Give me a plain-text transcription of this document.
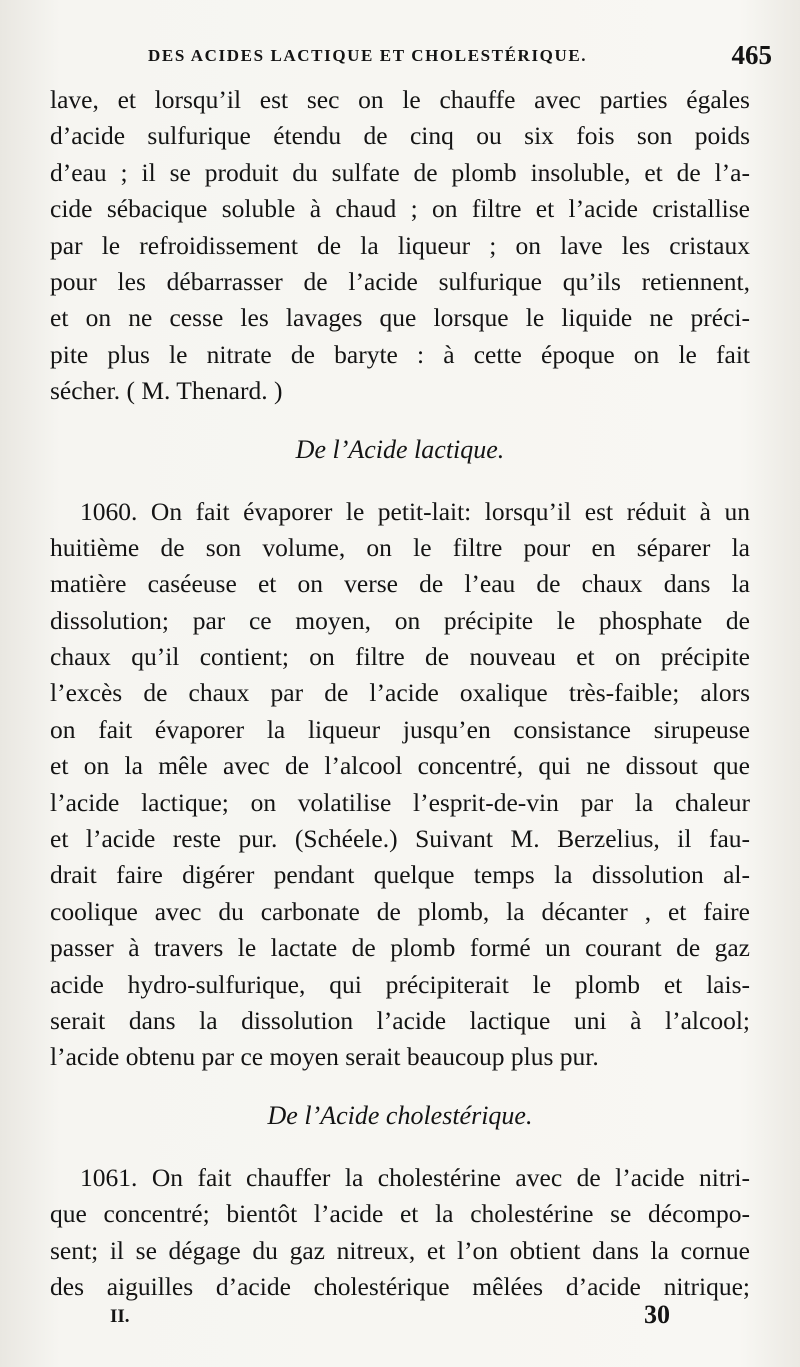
DES ACIDES LACTIQUE ET CHOLESTÉRIQUE.	465
lave, et lorsqu’il est sec on le chauffe avec parties égales
d’acide sulfurique étendu de cinq ou six fois son poids
d’eau ; il se produit du sulfate de plomb insoluble, et de l’a-
cide sébacique soluble à chaud ; on filtre et l’acide cristallise
par le refroidissement de la liqueur ; on lave les cristaux
pour les débarrasser de l’acide sulfurique qu’ils retiennent,
et on ne cesse les lavages que lorsque le liquide ne préci-
pite plus le nitrate de baryte : à cette époque on le fait
sécher. ( M. Thenard. )
De l’Acide lactique.
1060. On fait évaporer le petit-lait: lorsqu’il est réduit à un
huitième de son volume, on le filtre pour en séparer la
matière caséeuse et on verse de l’eau de chaux dans la
dissolution; par ce moyen, on précipite le phosphate de
chaux qu’il contient; on filtre de nouveau et on précipite
l’excès de chaux par de l’acide oxalique très-faible; alors
on fait évaporer la liqueur jusqu’en consistance sirupeuse
et on la mêle avec de l’alcool concentré, qui ne dissout que
l’acide lactique; on volatilise l’esprit-de-vin par la chaleur
et l’acide reste pur. (Schéele.) Suivant M. Berzelius, il fau-
drait faire digérer pendant quelque temps la dissolution al-
coolique avec du carbonate de plomb, la décanter , et faire
passer à travers le lactate de plomb formé un courant de gaz
acide hydro-sulfurique, qui précipiterait le plomb et lais-
serait dans la dissolution l’acide lactique uni à l’alcool;
l’acide obtenu par ce moyen serait beaucoup plus pur.
De l’Acide cholestérique.
1061. On fait chauffer la cholestérine avec de l’acide nitri-
que concentré; bientôt l’acide et la cholestérine se décompo-
sent; il se dégage du gaz nitreux, et l’on obtient dans la cornue
des aiguilles d’acide cholestérique mêlées d’acide nitrique;
II.	30
